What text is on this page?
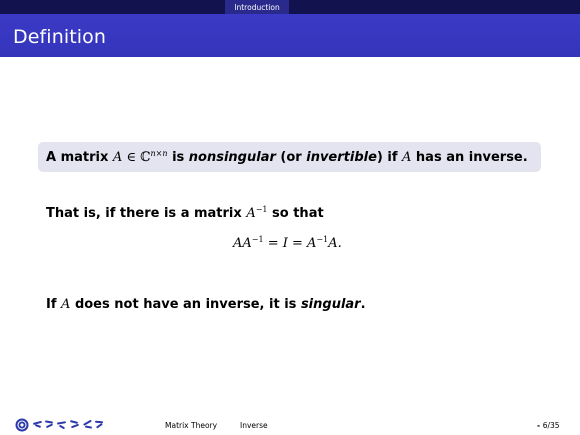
Introduction
Definition
A matrix A ∈ ℂ$^{n\times n}$ is nonsingular (or invertible) if A has an inverse.
That is, if there is a matrix $A^{-1}$ so that
$AA^{-1} = I = A^{-1}A$.
If A does not have an inverse, it is singular.
Matrix Theory	Inverse	- 6/35
